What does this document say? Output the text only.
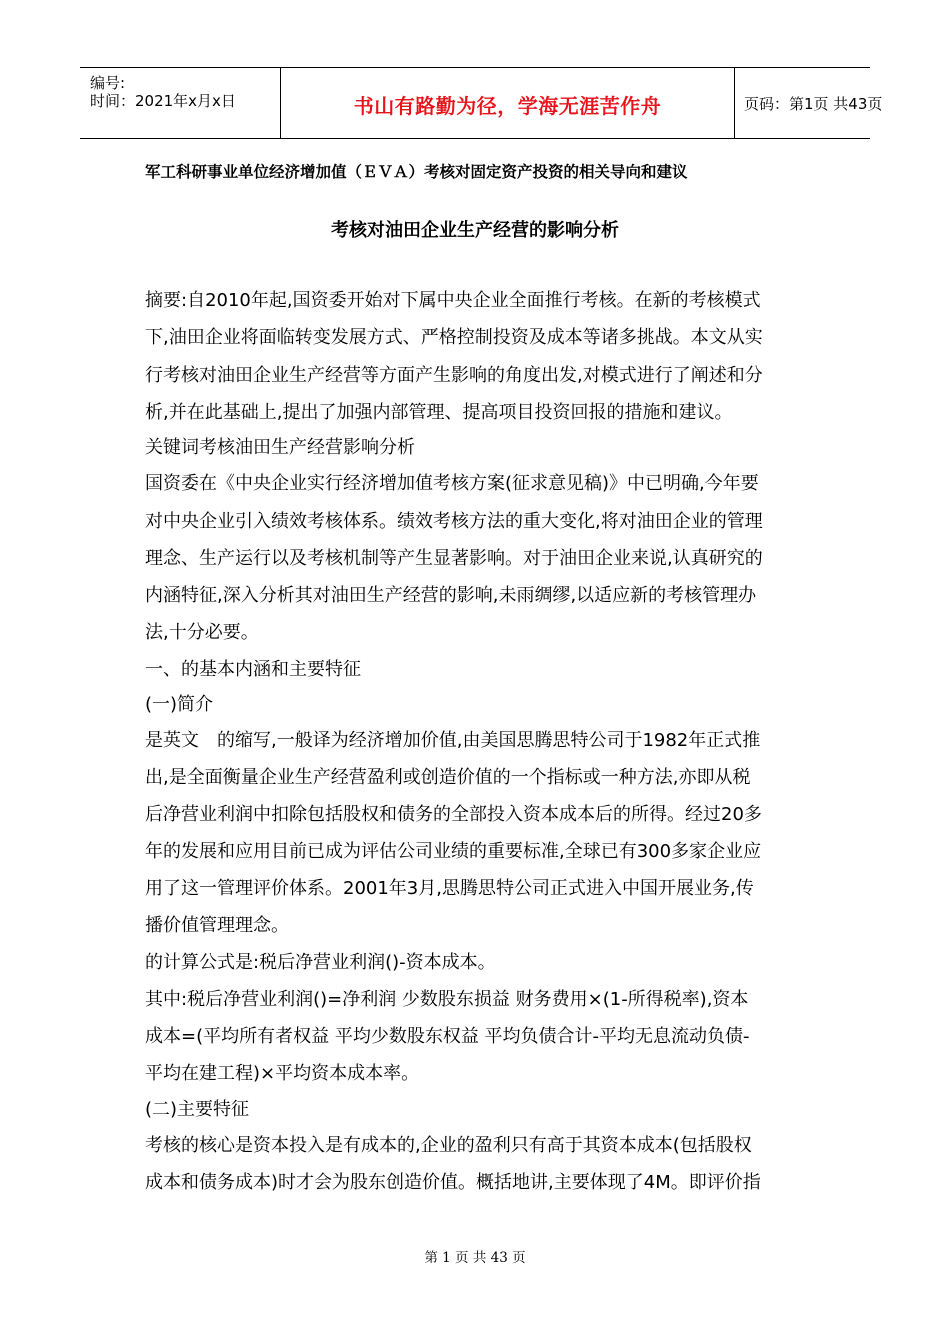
编号:
时间：2021年x月x日	书山有路勤为径，学海无涯苦作舟	页码：第1页 共43页
军工科研事业单位经济增加值（ＥＶＡ）考核对固定资产投资的相关导向和建议
考核对油田企业生产经营的影响分析
摘要:自2010年起,国资委开始对下属中央企业全面推行考核。在新的考核模式
下,油田企业将面临转变发展方式、严格控制投资及成本等诸多挑战。本文从实
行考核对油田企业生产经营等方面产生影响的角度出发,对模式进行了阐述和分
析,并在此基础上,提出了加强内部管理、提高项目投资回报的措施和建议。
关键词考核油田生产经营影响分析
国资委在《中央企业实行经济增加值考核方案(征求意见稿)》中已明确,今年要
对中央企业引入绩效考核体系。绩效考核方法的重大变化,将对油田企业的管理
理念、生产运行以及考核机制等产生显著影响。对于油田企业来说,认真研究的
内涵特征,深入分析其对油田生产经营的影响,未雨绸缪,以适应新的考核管理办
法,十分必要。
一、的基本内涵和主要特征
(一)简介
是英文　的缩写,一般译为经济增加价值,由美国思腾思特公司于1982年正式推
出,是全面衡量企业生产经营盈利或创造价值的一个指标或一种方法,亦即从税
后净营业利润中扣除包括股权和债务的全部投入资本成本后的所得。经过20多
年的发展和应用目前已成为评估公司业绩的重要标准,全球已有300多家企业应
用了这一管理评价体系。2001年3月,思腾思特公司正式进入中国开展业务,传
播价值管理理念。
的计算公式是:税后净营业利润()-资本成本。
其中:税后净营业利润()=净利润 少数股东损益 财务费用×(1-所得税率),资本
成本=(平均所有者权益 平均少数股东权益 平均负债合计-平均无息流动负债-
平均在建工程)×平均资本成本率。
(二)主要特征
考核的核心是资本投入是有成本的,企业的盈利只有高于其资本成本(包括股权
成本和债务成本)时才会为股东创造价值。概括地讲,主要体现了4M。即评价指
第 1 页 共 43 页
